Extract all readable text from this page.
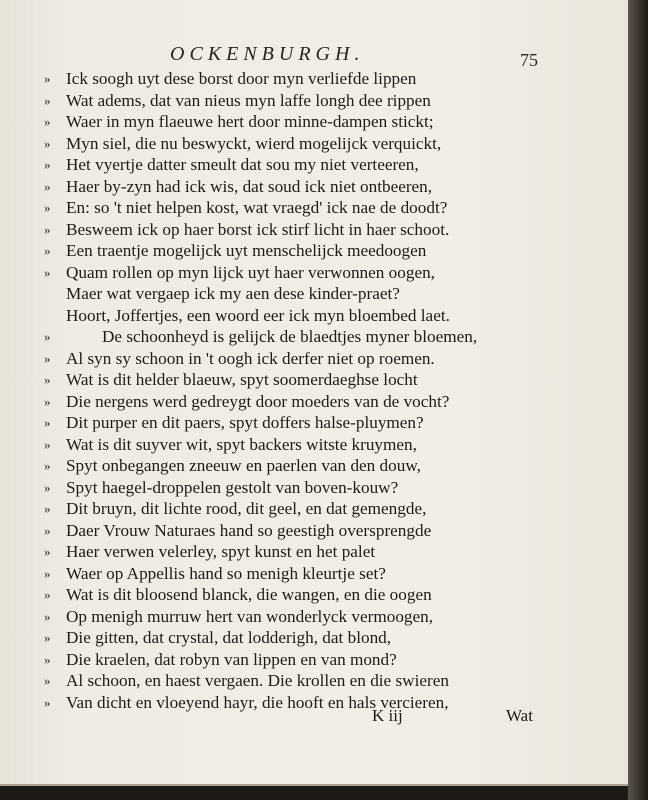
OCKENBURGH.	75
» Ick soogh uyt dese borst door myn verliefde lippen
» Wat adems, dat van nieus myn laffe longh dee rippen
» Waer in myn flaeuwe hert door minne-dampen stickt;
» Myn siel, die nu beswyckt, wierd mogelijck verquickt,
» Het vyertje datter smeult dat sou my niet verteeren,
» Haer by-zyn had ick wis, dat soud ick niet ontbeeren,
» En: so 't niet helpen kost, wat vraegd' ick nae de doodt?
» Besweem ick op haer borst ick stirf licht in haer schoot.
» Een traentje mogelijck uyt menschelijck meedoogen
» Quam rollen op myn lijck uyt haer verwonnen oogen,
Maer wat vergaep ick my aen dese kinder-praet?
Hoort, Joffertjes, een woord eer ick myn bloembed laet.
»	De schoonheyd is gelijck de blaedtjes myner bloemen,
» Al syn sy schoon in 't oogh ick derfer niet op roemen.
» Wat is dit helder blaeuw, spyt soomerdaeghse locht
» Die nergens werd gedreygt door moeders van de vocht?
» Dit purper en dit paers, spyt doffers halse-pluymen?
» Wat is dit suyver wit, spyt backers witste kruymen,
» Spyt onbegangen zneeuw en paerlen van den douw,
» Spyt haegel-droppelen gestolt van boven-kouw?
» Dit bruyn, dit lichte rood, dit geel, en dat gemengde,
» Daer Vrouw Naturaes hand so geestigh oversprengde
» Haer verwen velerley, spyt kunst en het palet
» Waer op Appellis hand so menigh kleurtje set?
» Wat is dit bloosend blanck, die wangen, en die oogen
» Op menigh murruw hert van wonderlyck vermoogen,
» Die gitten, dat crystal, dat lodderigh, dat blond,
» Die kraelen, dat robyn van lippen en van mond?
» Al schoon, en haest vergaen. Die krollen en die swieren
» Van dicht en vloeyend hayr, die hooft en hals vercieren,
K iij	Wat
